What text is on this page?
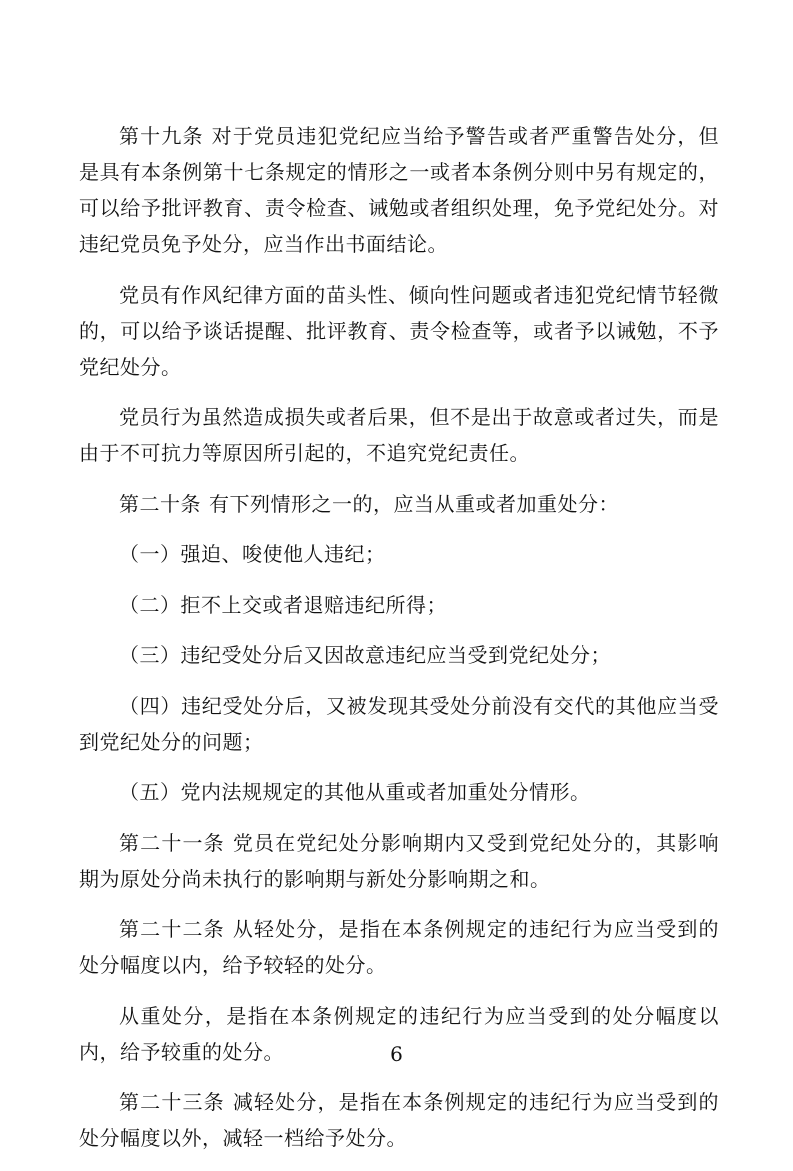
第十九条 对于党员违犯党纪应当给予警告或者严重警告处分，但是具有本条例第十七条规定的情形之一或者本条例分则中另有规定的，可以给予批评教育、责令检查、诫勉或者组织处理，免予党纪处分。对违纪党员免予处分，应当作出书面结论。

党员有作风纪律方面的苗头性、倾向性问题或者违犯党纪情节轻微的，可以给予谈话提醒、批评教育、责令检查等，或者予以诫勉，不予党纪处分。

党员行为虽然造成损失或者后果，但不是出于故意或者过失，而是由于不可抗力等原因所引起的，不追究党纪责任。

第二十条 有下列情形之一的，应当从重或者加重处分：

（一）强迫、唆使他人违纪；

（二）拒不上交或者退赔违纪所得；

（三）违纪受处分后又因故意违纪应当受到党纪处分；

（四）违纪受处分后，又被发现其受处分前没有交代的其他应当受到党纪处分的问题；

（五）党内法规规定的其他从重或者加重处分情形。

第二十一条 党员在党纪处分影响期内又受到党纪处分的，其影响期为原处分尚未执行的影响期与新处分影响期之和。

第二十二条 从轻处分，是指在本条例规定的违纪行为应当受到的处分幅度以内，给予较轻的处分。

从重处分，是指在本条例规定的违纪行为应当受到的处分幅度以内，给予较重的处分。

第二十三条 减轻处分，是指在本条例规定的违纪行为应当受到的处分幅度以外，减轻一档给予处分。

6
